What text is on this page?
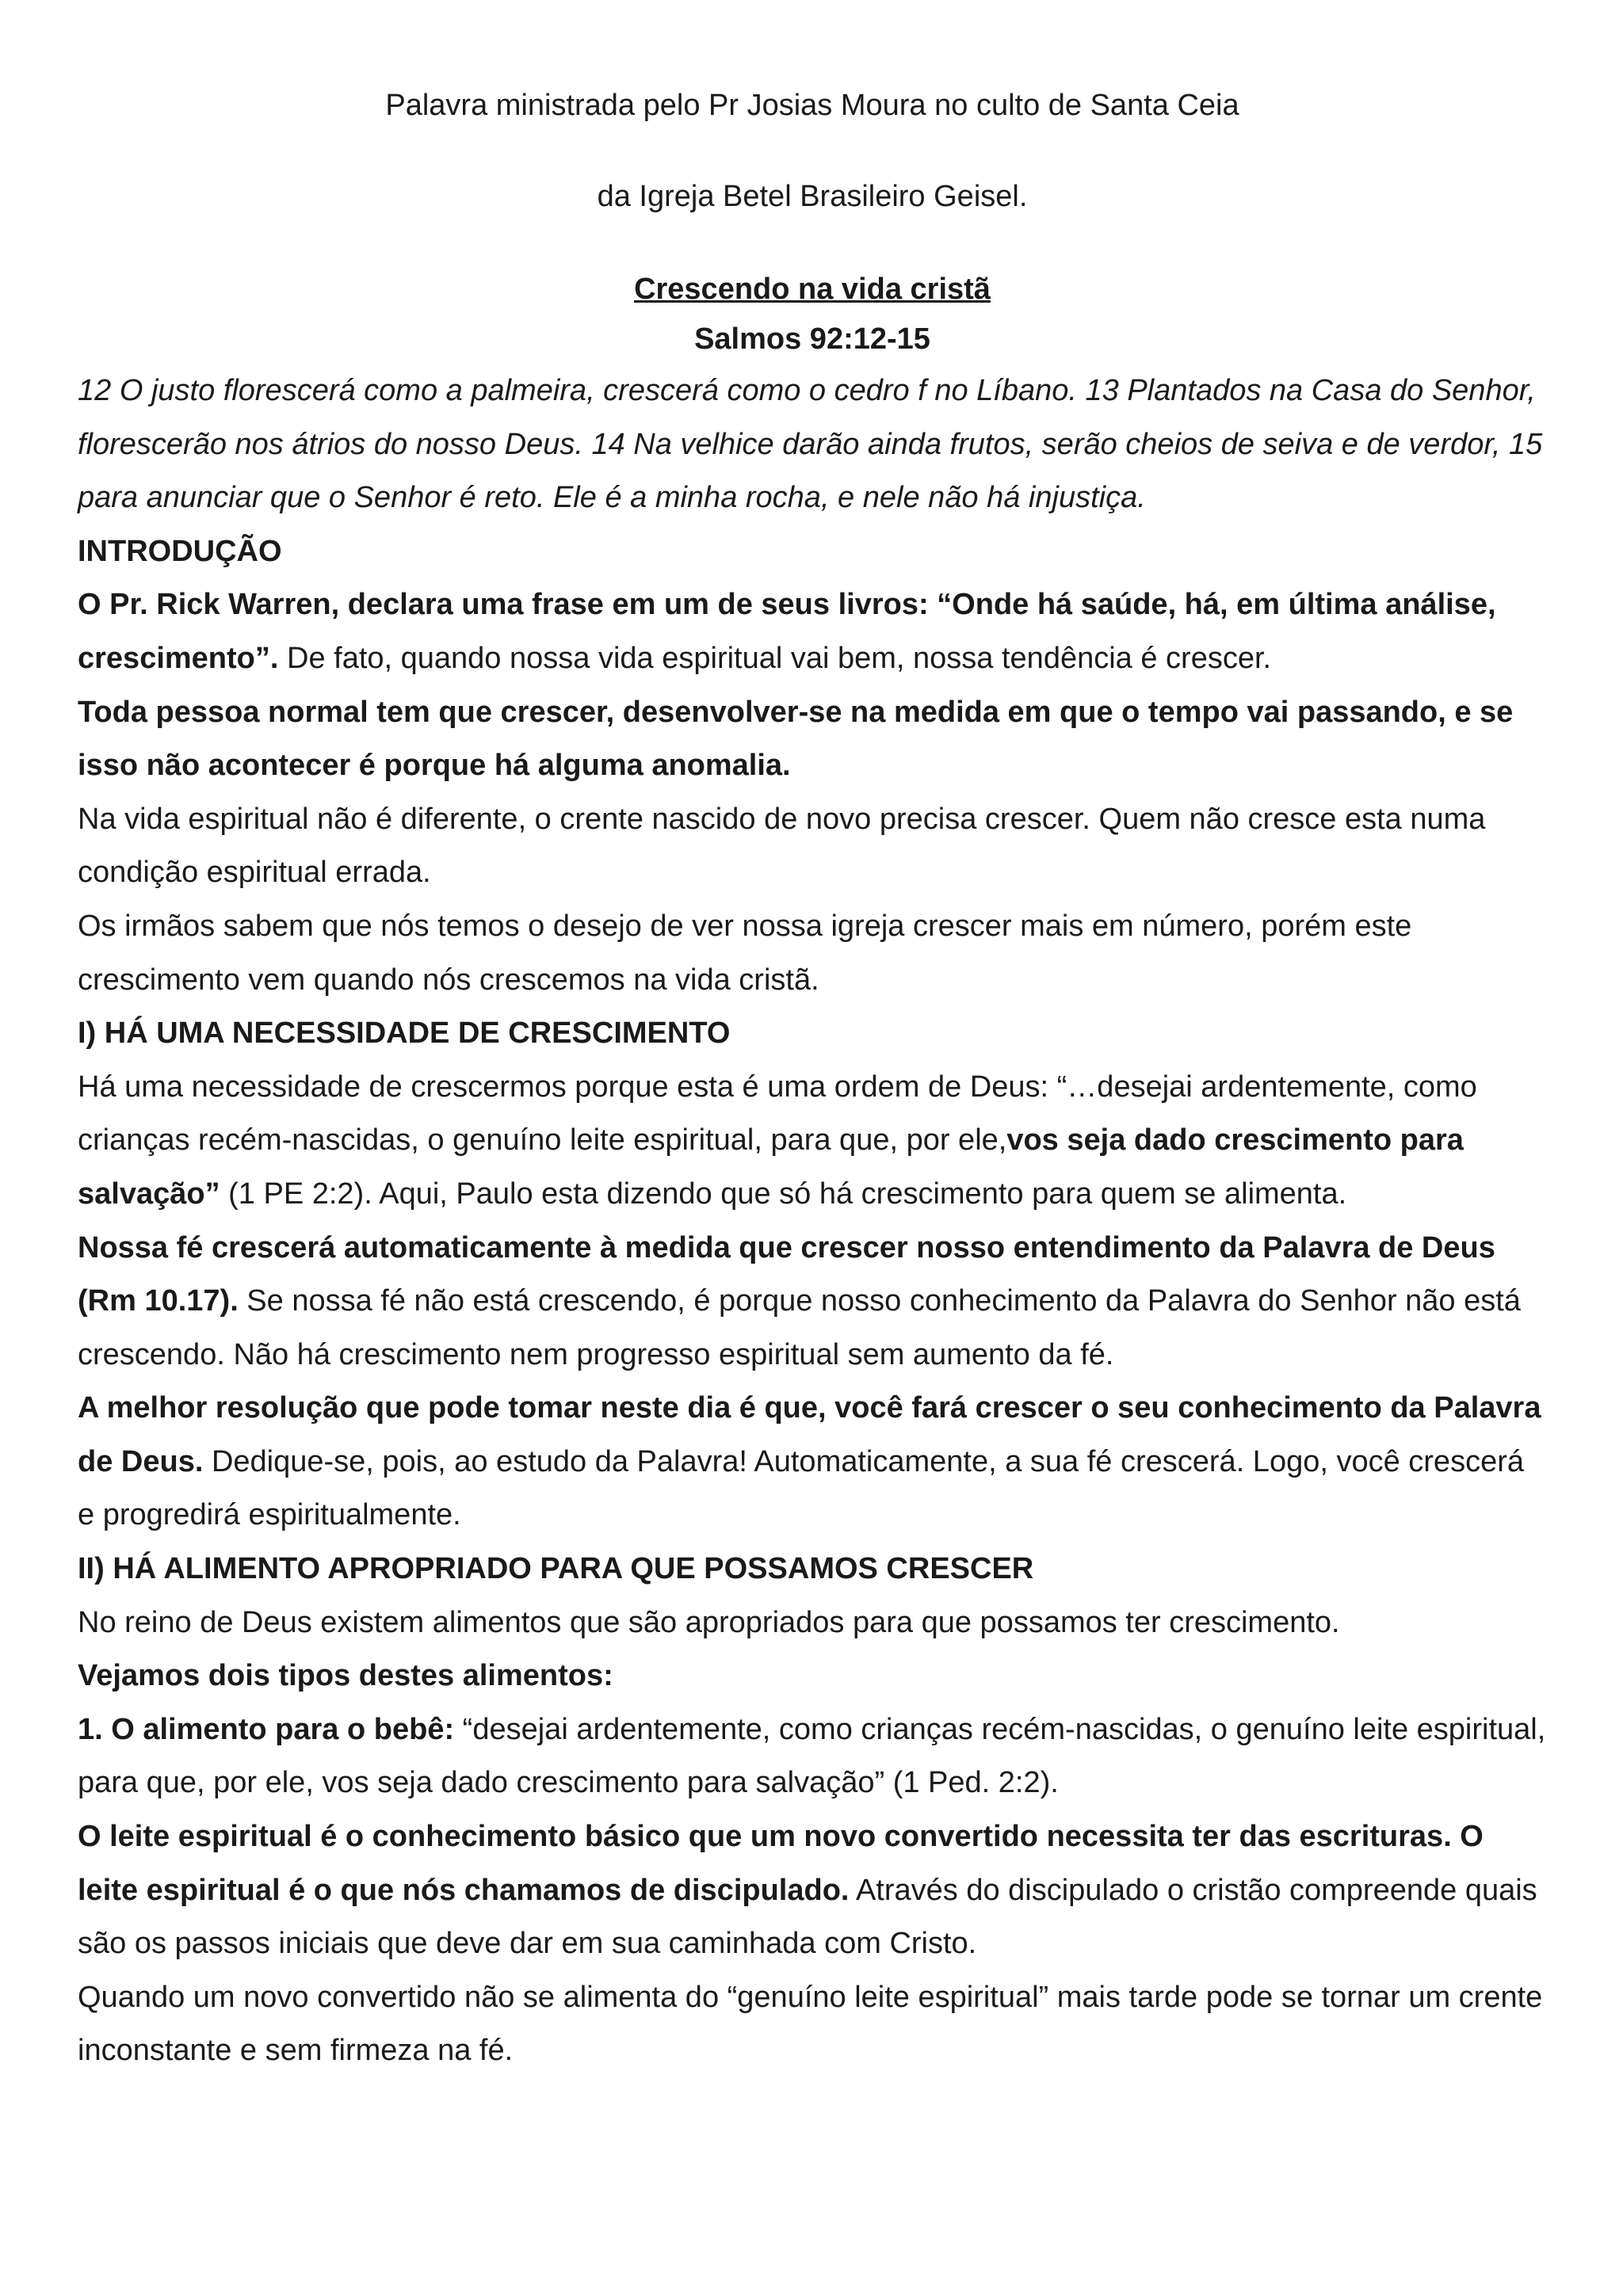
Palavra ministrada pelo Pr Josias Moura no culto de Santa Ceia

da Igreja Betel Brasileiro Geisel.

Crescendo na vida cristã

Salmos 92:12-15

12 O justo florescerá como a palmeira, crescerá como o cedro f no Líbano. 13 Plantados na Casa do Senhor, florescerão nos átrios do nosso Deus. 14 Na velhice darão ainda frutos, serão cheios de seiva e de verdor, 15 para anunciar que o Senhor é reto. Ele é a minha rocha, e nele não há injustiça.

INTRODUÇÃO

O Pr. Rick Warren, declara uma frase em um de seus livros: “Onde há saúde, há, em última análise, crescimento”. De fato, quando nossa vida espiritual vai bem, nossa tendência é crescer.

Toda pessoa normal tem que crescer, desenvolver-se na medida em que o tempo vai passando, e se isso não acontecer é porque há alguma anomalia.

Na vida espiritual não é diferente, o crente nascido de novo precisa crescer. Quem não cresce esta numa condição espiritual errada.

Os irmãos sabem que nós temos o desejo de ver nossa igreja crescer mais em número, porém este crescimento vem quando nós crescemos na vida cristã.

I) HÁ UMA NECESSIDADE DE CRESCIMENTO

Há uma necessidade de crescermos porque esta é uma ordem de Deus: “…desejai ardentemente, como crianças recém-nascidas, o genuíno leite espiritual, para que, por ele,vos seja dado crescimento para salvação” (1 PE 2:2). Aqui, Paulo esta dizendo que só há crescimento para quem se alimenta.

Nossa fé crescerá automaticamente à medida que crescer nosso entendimento da Palavra de Deus (Rm 10.17). Se nossa fé não está crescendo, é porque nosso conhecimento da Palavra do Senhor não está crescendo. Não há crescimento nem progresso espiritual sem aumento da fé.

A melhor resolução que pode tomar neste dia é que, você fará crescer o seu conhecimento da Palavra de Deus. Dedique-se, pois, ao estudo da Palavra! Automaticamente, a sua fé crescerá. Logo, você crescerá e progredirá espiritualmente.

II) HÁ ALIMENTO APROPRIADO PARA QUE POSSAMOS CRESCER

No reino de Deus existem alimentos que são apropriados para que possamos ter crescimento.

Vejamos dois tipos destes alimentos:

1. O alimento para o bebê: “desejai ardentemente, como crianças recém-nascidas, o genuíno leite espiritual, para que, por ele, vos seja dado crescimento para salvação” (1 Ped. 2:2).

O leite espiritual é o conhecimento básico que um novo convertido necessita ter das escrituras. O leite espiritual é o que nós chamamos de discipulado. Através do discipulado o cristão compreende quais são os passos iniciais que deve dar em sua caminhada com Cristo.

Quando um novo convertido não se alimenta do “genuíno leite espiritual” mais tarde pode se tornar um crente inconstante e sem firmeza na fé.
